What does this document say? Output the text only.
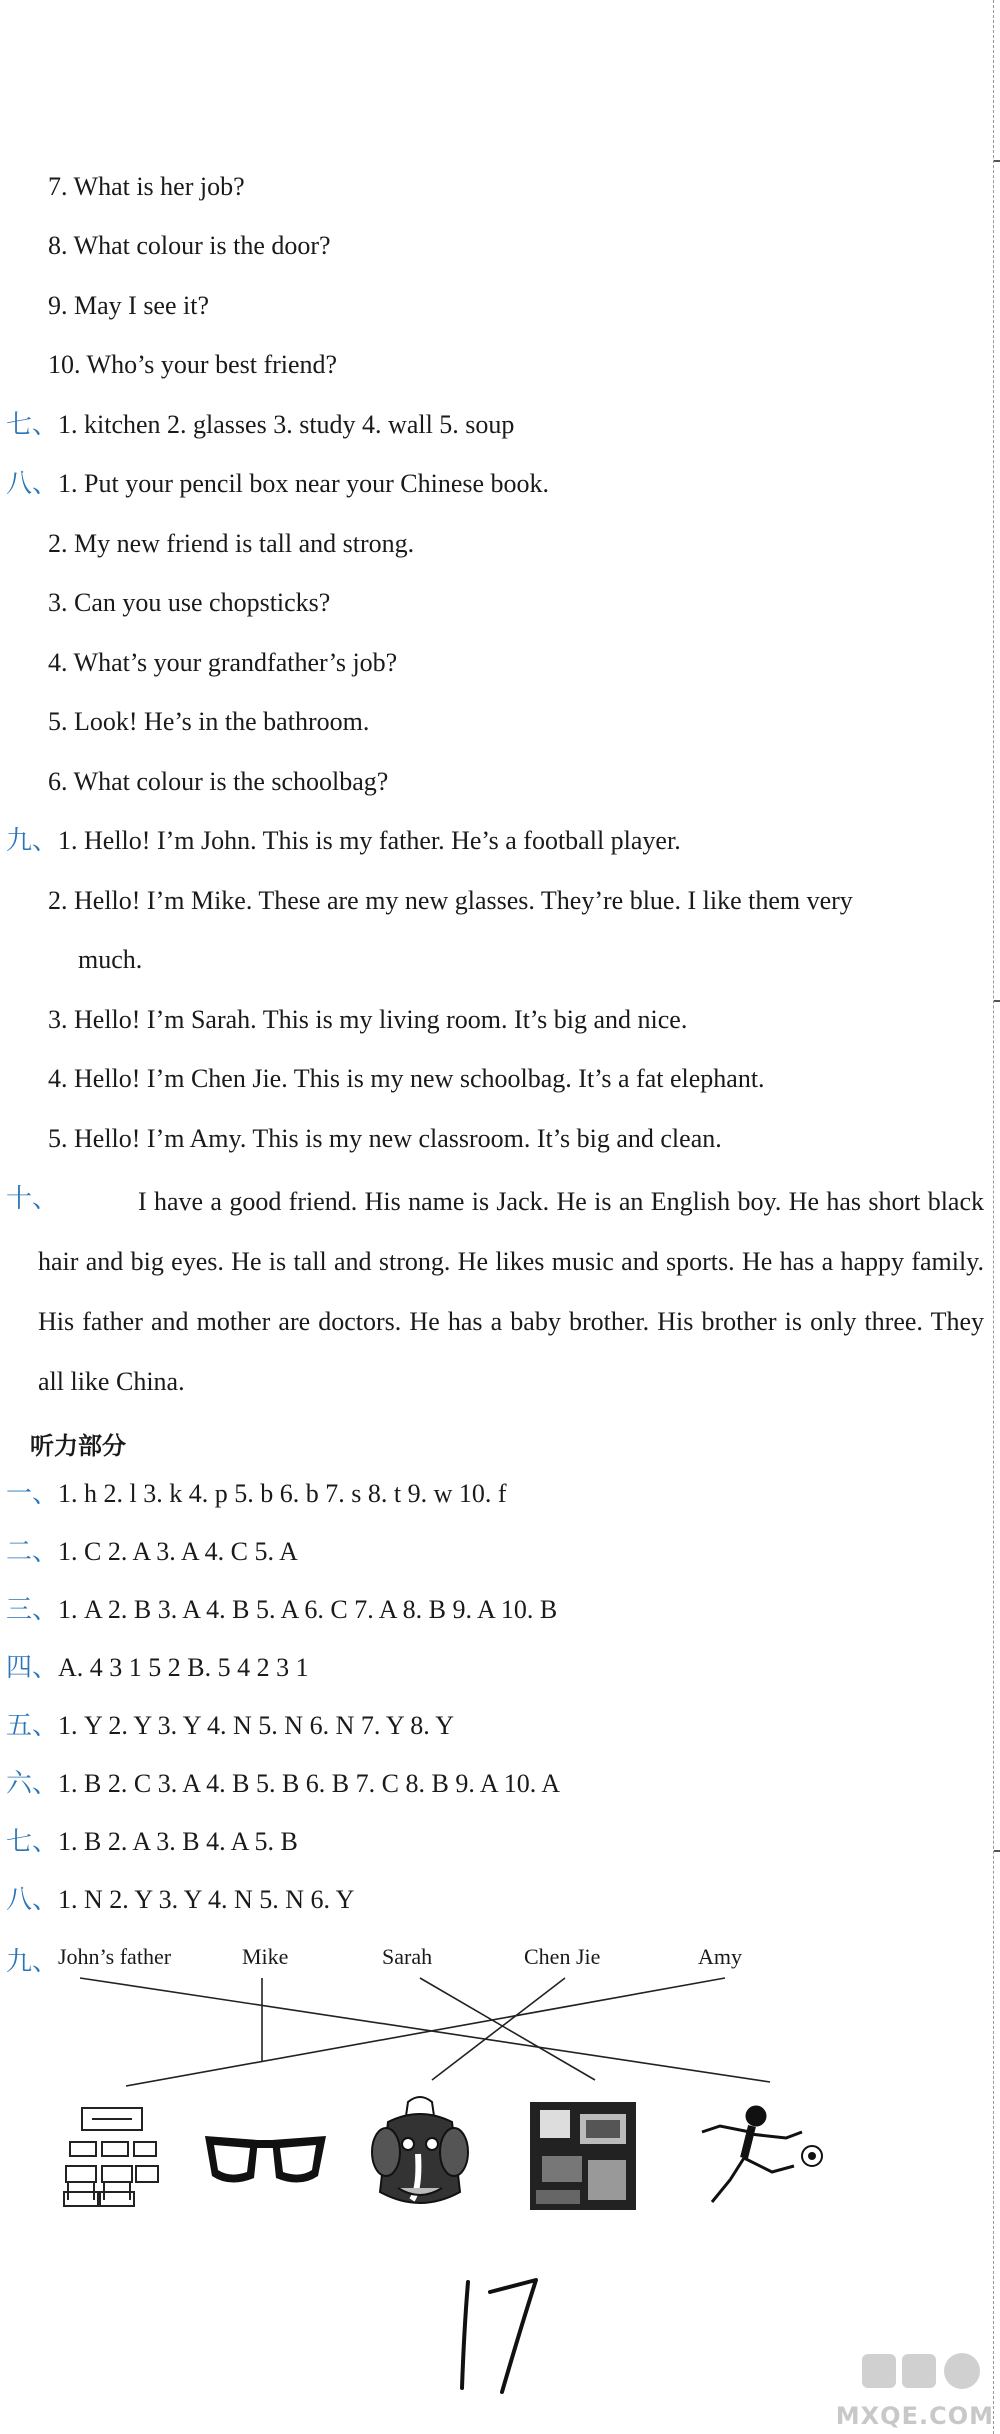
7. What is her job?
8. What colour is the door?
9. May I see it?
10. Who’s your best friend?
七、1. kitchen 2. glasses 3. study 4. wall 5. soup
八、1. Put your pencil box near your Chinese book.
2. My new friend is tall and strong.
3. Can you use chopsticks?
4. What’s your grandfather’s job?
5. Look! He’s in the bathroom.
6. What colour is the schoolbag?
九、1. Hello! I’m John. This is my father. He’s a football player.
2. Hello! I’m Mike. These are my new glasses. They’re blue. I like them very
much.
3. Hello! I’m Sarah. This is my living room. It’s big and nice.
4. Hello! I’m Chen Jie. This is my new schoolbag. It’s a fat elephant.
5. Hello! I’m Amy. This is my new classroom. It’s big and clean.
十、	I have a good friend. His name is Jack. He is an English boy. He has short black hair and big eyes. He is tall and strong. He likes music and sports. He has a happy family. His father and mother are doctors. He has a baby brother. His brother is only three. They all like China.
听力部分
一、1. h 2. l 3. k 4. p 5. b 6. b 7. s 8. t 9. w 10. f
二、1. C 2. A 3. A 4. C 5. A
三、1. A 2. B 3. A 4. B 5. A 6. C 7. A 8. B 9. A 10. B
四、A. 4 3 1 5 2 B. 5 4 2 3 1
五、1. Y 2. Y 3. Y 4. N 5. N 6. N 7. Y 8. Y
六、1. B 2. C 3. A 4. B 5. B 6. B 7. C 8. B 9. A 10. A
七、1. B 2. A 3. B 4. A 5. B
八、1. N 2. Y 3. Y 4. N 5. N 6. Y
九、 John’s father	Mike	Sarah	Chen Jie	Amy
MXQE.COM
